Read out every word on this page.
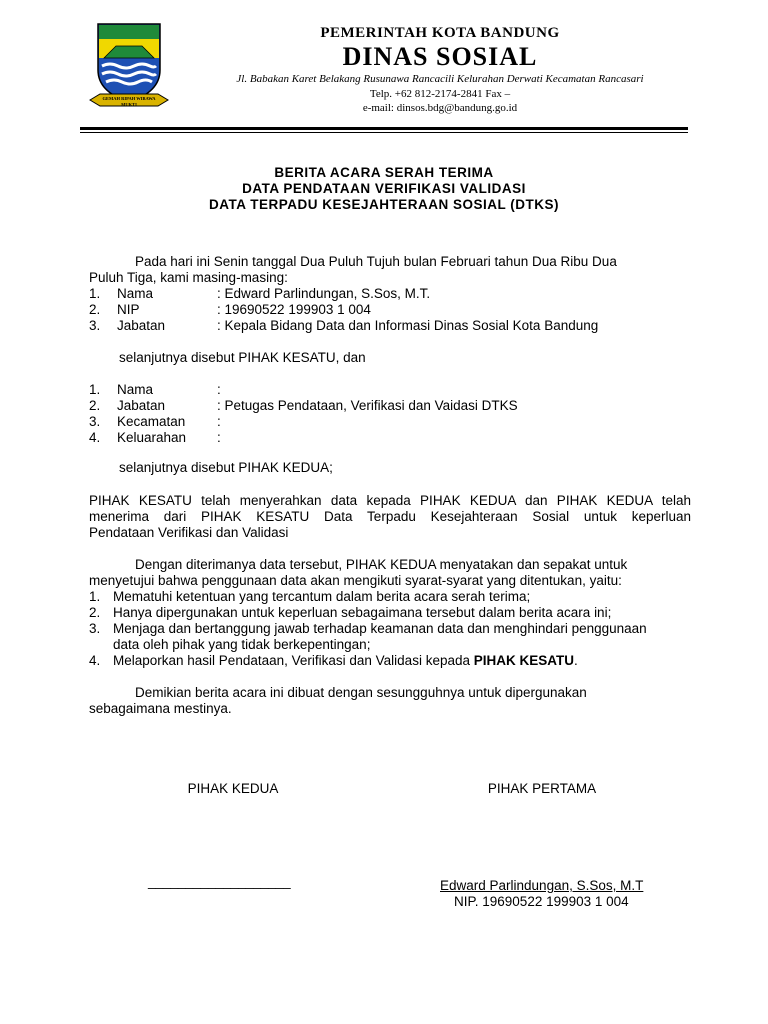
GEMAH RIPAH WIBAWA MUKTI
PEMERINTAH KOTA BANDUNG
DINAS SOSIAL
Jl. Babakan Karet Belakang Rusunawa Rancacili Kelurahan Derwati Kecamatan Rancasari
Telp. +62 812-2174-2841 Fax –
e-mail: dinsos.bdg@bandung.go.id
BERITA ACARA SERAH TERIMA
DATA PENDATAAN VERIFIKASI VALIDASI
DATA TERPADU KESEJAHTERAAN SOSIAL (DTKS)
Pada hari ini Senin tanggal Dua Puluh Tujuh bulan Februari tahun Dua Ribu Dua
Puluh Tiga, kami masing-masing:
1. Nama	: Edward Parlindungan, S.Sos, M.T.
2. NIP	: 19690522 199903 1 004
3. Jabatan	: Kepala Bidang Data dan Informasi Dinas Sosial Kota Bandung
selanjutnya disebut PIHAK KESATU, dan
1. Nama	:
2. Jabatan	: Petugas Pendataan, Verifikasi dan Vaidasi DTKS
3. Kecamatan :
4. Keluarahan :
selanjutnya disebut PIHAK KEDUA;
PIHAK KESATU telah menyerahkan data kepada PIHAK KEDUA dan PIHAK KEDUA telah
menerima dari PIHAK KESATU Data Terpadu Kesejahteraan Sosial untuk keperluan
Pendataan Verifikasi dan Validasi
Dengan diterimanya data tersebut, PIHAK KEDUA menyatakan dan sepakat untuk
menyetujui bahwa penggunaan data akan mengikuti syarat-syarat yang ditentukan, yaitu:
1. Mematuhi ketentuan yang tercantum dalam berita acara serah terima;
2. Hanya dipergunakan untuk keperluan sebagaimana tersebut dalam berita acara ini;
3. Menjaga dan bertanggung jawab terhadap keamanan data dan menghindari penggunaan
data oleh pihak yang tidak berkepentingan;
4. Melaporkan hasil Pendataan, Verifikasi dan Validasi kepada PIHAK KESATU.
Demikian berita acara ini dibuat dengan sesungguhnya untuk dipergunakan
sebagaimana mestinya.
PIHAK KEDUA	PIHAK PERTAMA
___________________	Edward Parlindungan, S.Sos, M.T
NIP. 19690522 199903 1 004
